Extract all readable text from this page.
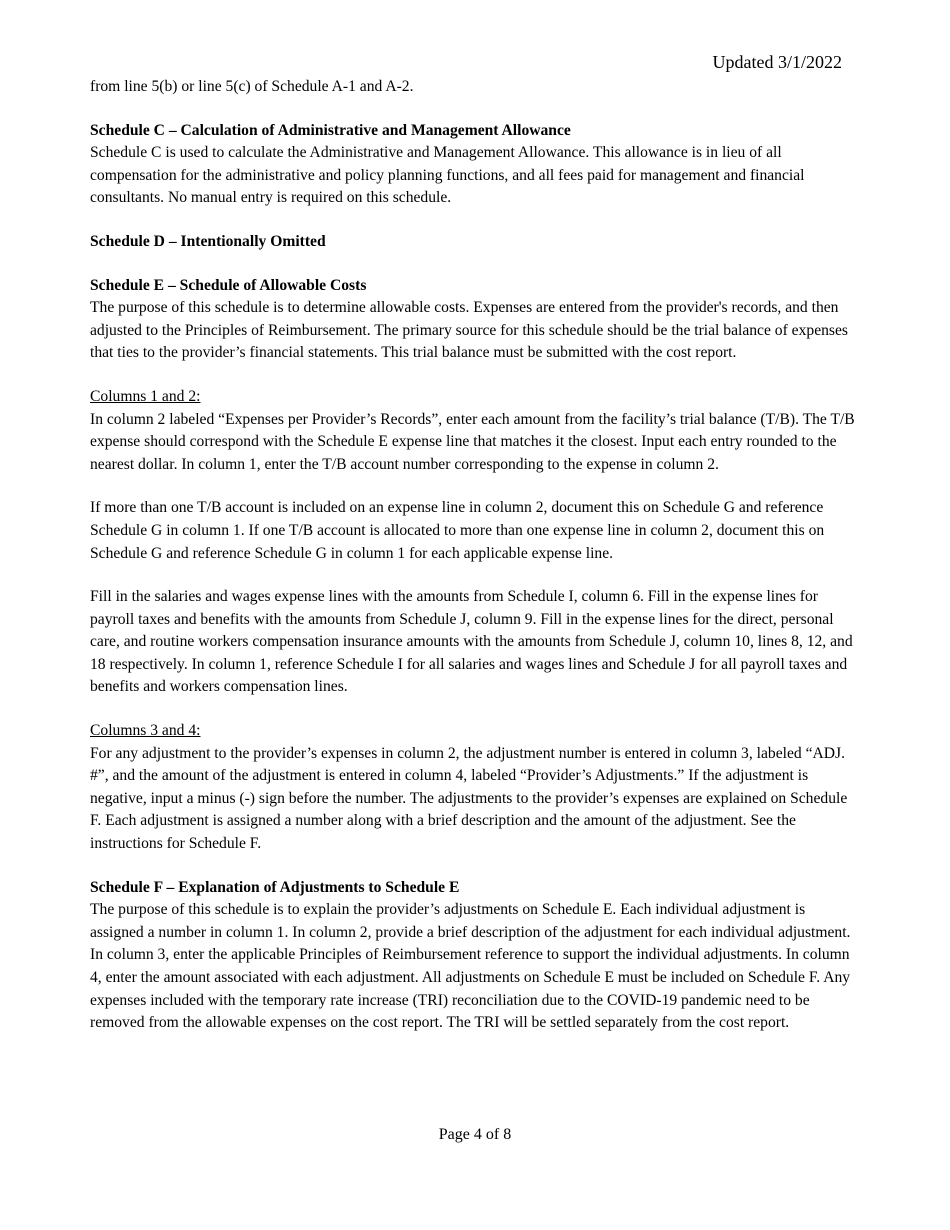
Updated 3/1/2022

from line 5(b) or line 5(c) of Schedule A-1 and A-2.

Schedule C – Calculation of Administrative and Management Allowance

Schedule C is used to calculate the Administrative and Management Allowance. This allowance is in lieu of all compensation for the administrative and policy planning functions, and all fees paid for management and financial consultants. No manual entry is required on this schedule.

Schedule D – Intentionally Omitted

Schedule E – Schedule of Allowable Costs

The purpose of this schedule is to determine allowable costs. Expenses are entered from the provider's records, and then adjusted to the Principles of Reimbursement. The primary source for this schedule should be the trial balance of expenses that ties to the provider’s financial statements. This trial balance must be submitted with the cost report.

Columns 1 and 2:

In column 2 labeled “Expenses per Provider’s Records”, enter each amount from the facility’s trial balance (T/B). The T/B expense should correspond with the Schedule E expense line that matches it the closest. Input each entry rounded to the nearest dollar. In column 1, enter the T/B account number corresponding to the expense in column 2.

If more than one T/B account is included on an expense line in column 2, document this on Schedule G and reference Schedule G in column 1. If one T/B account is allocated to more than one expense line in column 2, document this on Schedule G and reference Schedule G in column 1 for each applicable expense line.

Fill in the salaries and wages expense lines with the amounts from Schedule I, column 6. Fill in the expense lines for payroll taxes and benefits with the amounts from Schedule J, column 9. Fill in the expense lines for the direct, personal care, and routine workers compensation insurance amounts with the amounts from Schedule J, column 10, lines 8, 12, and 18 respectively. In column 1, reference Schedule I for all salaries and wages lines and Schedule J for all payroll taxes and benefits and workers compensation lines.

Columns 3 and 4:

For any adjustment to the provider’s expenses in column 2, the adjustment number is entered in column 3, labeled “ADJ. #”, and the amount of the adjustment is entered in column 4, labeled “Provider’s Adjustments.” If the adjustment is negative, input a minus (-) sign before the number. The adjustments to the provider’s expenses are explained on Schedule F. Each adjustment is assigned a number along with a brief description and the amount of the adjustment. See the instructions for Schedule F.

Schedule F – Explanation of Adjustments to Schedule E

The purpose of this schedule is to explain the provider’s adjustments on Schedule E. Each individual adjustment is assigned a number in column 1. In column 2, provide a brief description of the adjustment for each individual adjustment. In column 3, enter the applicable Principles of Reimbursement reference to support the individual adjustments. In column 4, enter the amount associated with each adjustment. All adjustments on Schedule E must be included on Schedule F. Any expenses included with the temporary rate increase (TRI) reconciliation due to the COVID-19 pandemic need to be removed from the allowable expenses on the cost report. The TRI will be settled separately from the cost report.

Page 4 of 8
